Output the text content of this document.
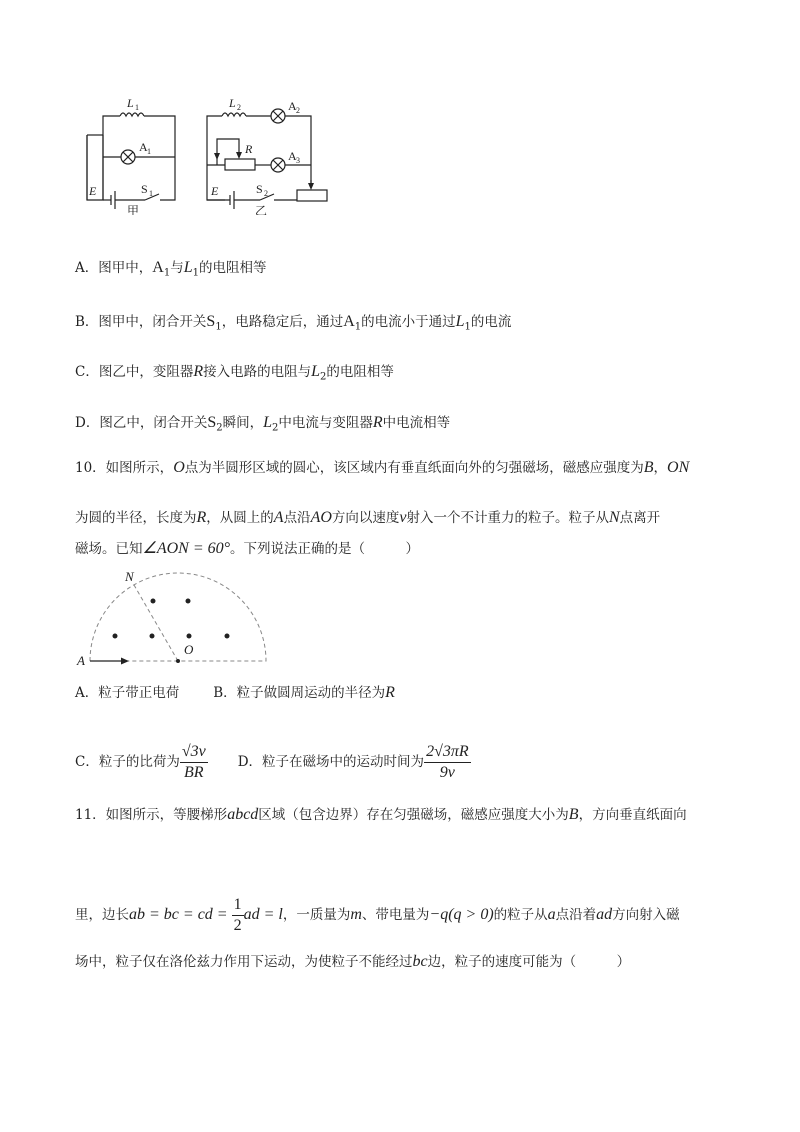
L 1
A 1
E	S 1
甲
L 2	A 2
R	A 3
E	S 2
乙
A．图甲中，$A_1$与$L_1$的电阻相等
B．图甲中，闭合开关$S_1$，电路稳定后，通过$A_1$的电流小于通过$L_1$的电流
C．图乙中，变阻器R接入电路的电阻与$L_2$的电阻相等
D．图乙中，闭合开关$S_2$瞬间，$L_2$中电流与变阻器R中电流相等
10．如图所示，O点为半圆形区域的圆心，该区域内有垂直纸面向外的匀强磁场，磁感应强度为B，ON
为圆的半径，长度为R，从圆上的A点沿AO方向以速度v射入一个不计重力的粒子。粒子从N点离开
磁场。已知∠AON = 60°。下列说法正确的是（　　　）
N
O
A
A．粒子带正电荷	B．粒子做圆周运动的半径为R
C．粒子的比荷为 $\frac{√3v}{BR}$ D．粒子在磁场中的运动时间为 $\frac{2√3\pi R}{9v}$
11．如图所示，等腰梯形abcd区域（包含边界）存在匀强磁场，磁感应强度大小为B，方向垂直纸面向
里，边长ab = bc = cd = $\frac{1}{2}$ ad = l，一质量为m、带电量为−q(q > 0)的粒子从a点沿着ad方向射入磁
场中，粒子仅在洛伦兹力作用下运动，为使粒子不能经过bc边，粒子的速度可能为（　　　）
